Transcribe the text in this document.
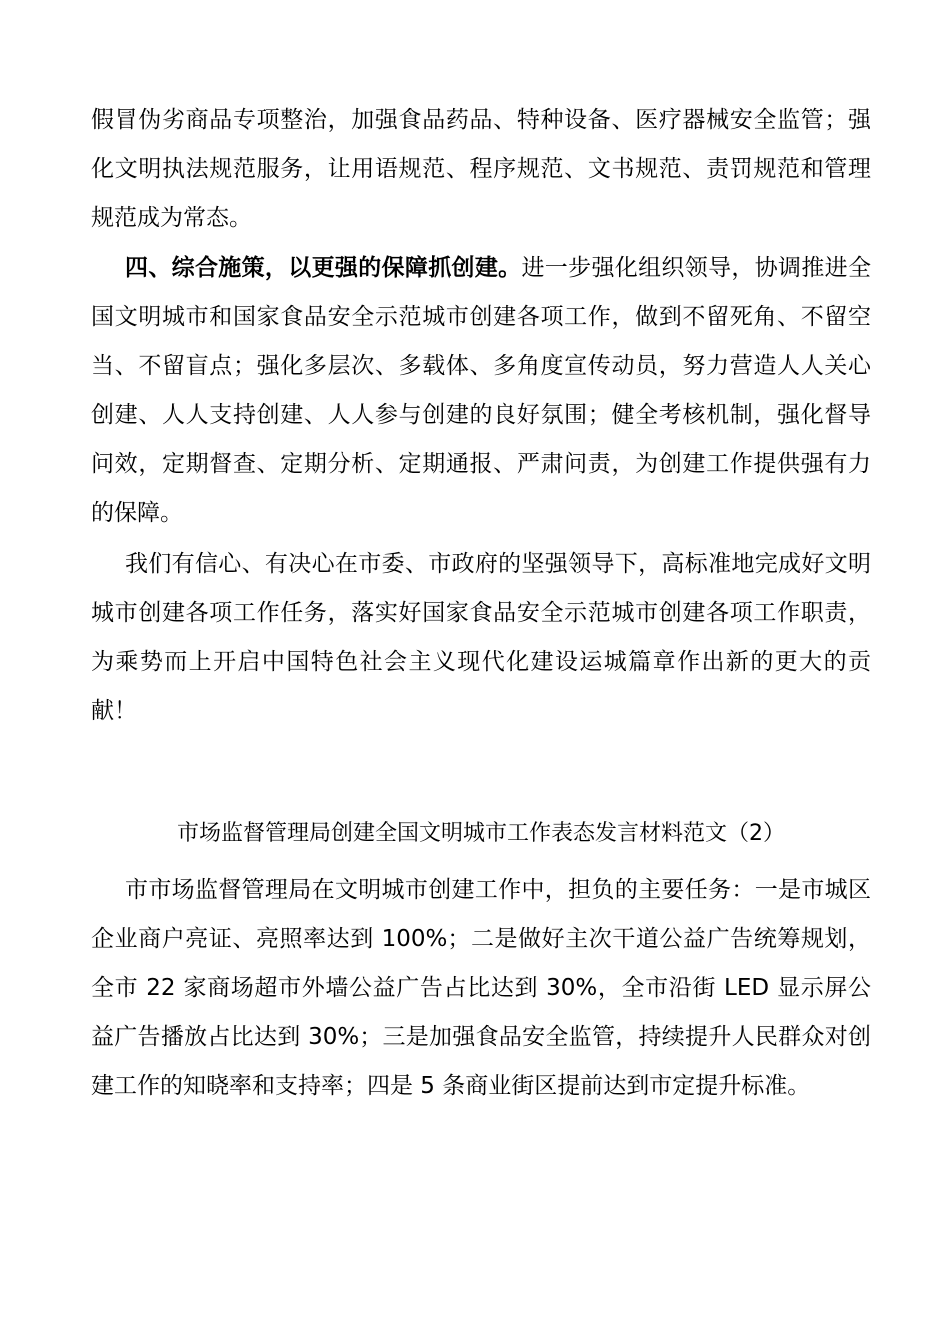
假冒伪劣商品专项整治，加强食品药品、特种设备、医疗器械安全监管；强化文明执法规范服务，让用语规范、程序规范、文书规范、责罚规范和管理规范成为常态。

四、综合施策，以更强的保障抓创建。进一步强化组织领导，协调推进全国文明城市和国家食品安全示范城市创建各项工作，做到不留死角、不留空当、不留盲点；强化多层次、多载体、多角度宣传动员，努力营造人人关心创建、人人支持创建、人人参与创建的良好氛围；健全考核机制，强化督导问效，定期督查、定期分析、定期通报、严肃问责，为创建工作提供强有力的保障。

我们有信心、有决心在市委、市政府的坚强领导下，高标准地完成好文明城市创建各项工作任务，落实好国家食品安全示范城市创建各项工作职责，为乘势而上开启中国特色社会主义现代化建设运城篇章作出新的更大的贡献！

市场监督管理局创建全国文明城市工作表态发言材料范文（2）

市市场监督管理局在文明城市创建工作中，担负的主要任务：一是市城区企业商户亮证、亮照率达到 100%；二是做好主次干道公益广告统筹规划，全市 22 家商场超市外墙公益广告占比达到 30%，全市沿街 LED 显示屏公益广告播放占比达到 30%；三是加强食品安全监管，持续提升人民群众对创建工作的知晓率和支持率；四是 5 条商业街区提前达到市定提升标准。
